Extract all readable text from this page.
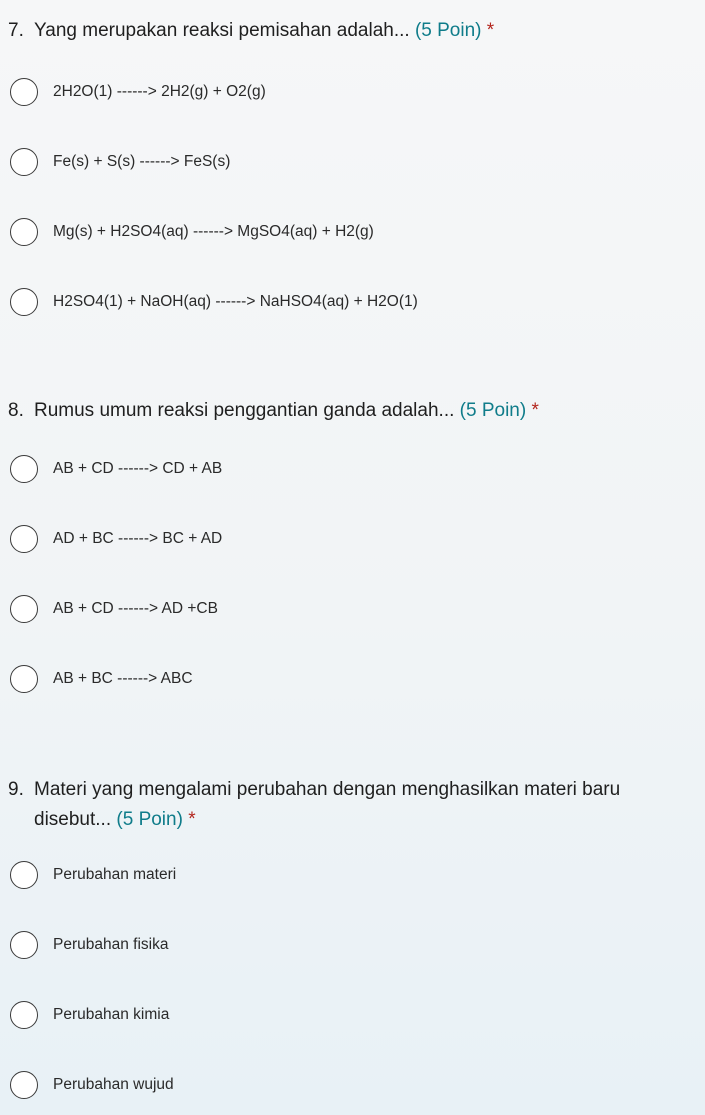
7. Yang merupakan reaksi pemisahan adalah... (5 Poin) *
2H2O(1) ------> 2H2(g) + O2(g)
Fe(s) + S(s) ------> FeS(s)
Mg(s) + H2SO4(aq) ------> MgSO4(aq) + H2(g)
H2SO4(1) + NaOH(aq) ------> NaHSO4(aq) + H2O(1)
8. Rumus umum reaksi penggantian ganda adalah... (5 Poin) *
AB + CD ------> CD + AB
AD + BC ------> BC + AD
AB + CD ------> AD +CB
AB + BC ------> ABC
9. Materi yang mengalami perubahan dengan menghasilkan materi baru
disebut... (5 Poin) *
Perubahan materi
Perubahan fisika
Perubahan kimia
Perubahan wujud
